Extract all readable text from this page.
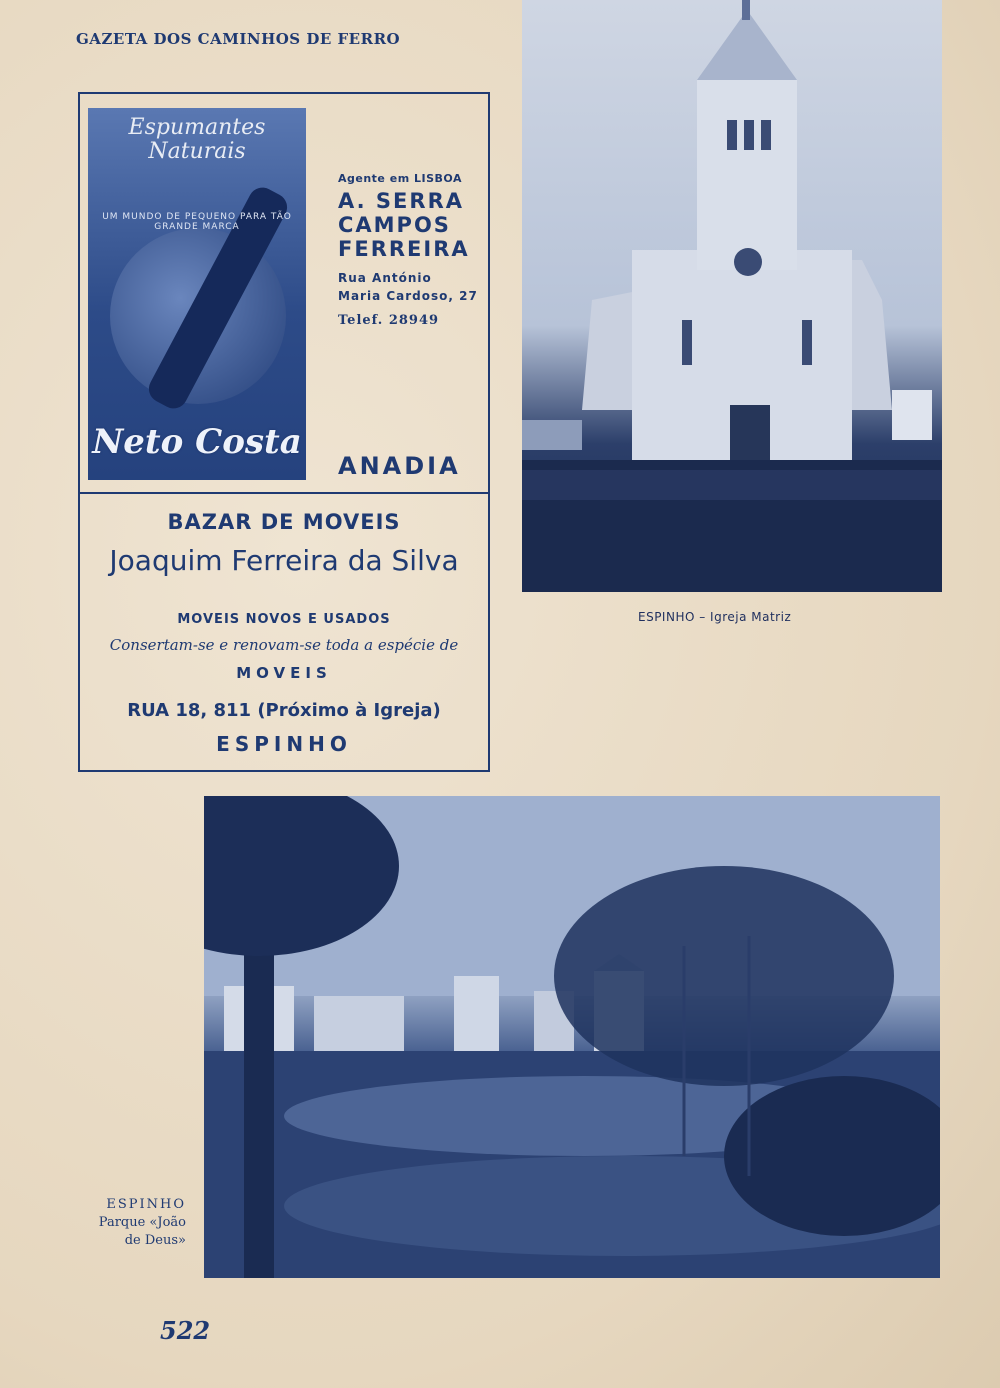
GAZETA DOS CAMINHOS DE FERRO
Espumantes
Naturais
UM MUNDO DE PEQUENO PARA TÃO GRANDE MARCA
Neto Costa
Agente em LISBOA
A. SERRA
CAMPOS
FERREIRA
Rua António
Maria Cardoso, 27
Telef. 28949
ANADIA
BAZAR DE MOVEIS
Joaquim Ferreira da Silva
MOVEIS NOVOS E USADOS
Consertam-se e renovam-se toda a espécie de
MOVEIS
RUA 18, 811 (Próximo à Igreja)
ESPINHO
ESPINHO – Igreja Matriz
ESPINHO
Parque «João
de Deus»
522
